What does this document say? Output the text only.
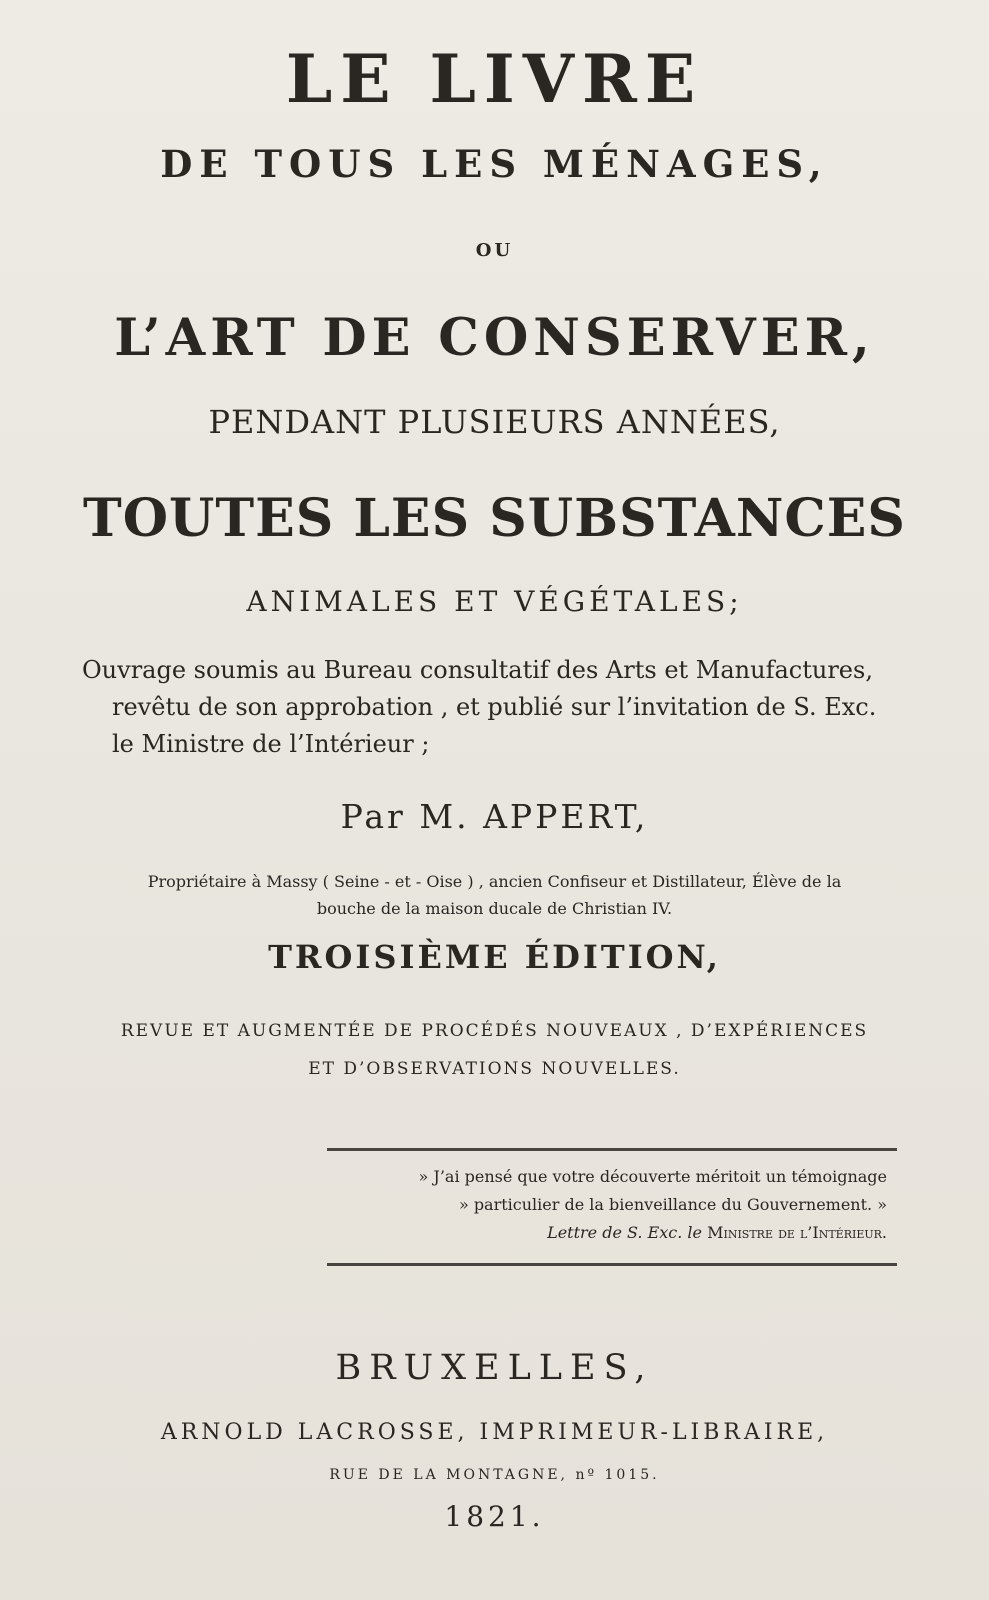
LE LIVRE
DE TOUS LES MÉNAGES,
OU
L’ART DE CONSERVER,
PENDANT PLUSIEURS ANNÉES,
TOUTES LES SUBSTANCES
ANIMALES ET VÉGÉTALES;
Ouvrage soumis au Bureau consultatif des Arts et Manufactures,
revêtu de son approbation , et publié sur l’invitation de S. Exc.
le Ministre de l’Intérieur ;
Par M. APPERT,
Propriétaire à Massy ( Seine - et - Oise ) , ancien Confiseur et Distillateur, Élève de la
bouche de la maison ducale de Christian IV.
TROISIÈME ÉDITION,
REVUE ET AUGMENTÉE DE PROCÉDÉS NOUVEAUX , D’EXPÉRIENCES
ET D’OBSERVATIONS NOUVELLES.
» J’ai pensé que votre découverte méritoit un témoignage
» particulier de la bienveillance du Gouvernement. »
Lettre de S. Exc. le Ministre de l’Intérieur.
BRUXELLES,
ARNOLD LACROSSE, IMPRIMEUR-LIBRAIRE,
RUE DE LA MONTAGNE, nº 1015.
1821.
